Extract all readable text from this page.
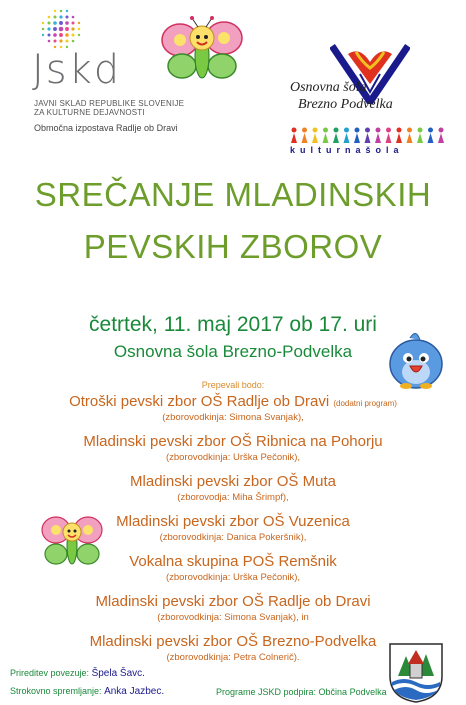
Jskd
JAVNI SKLAD REPUBLIKE SLOVENIJE
ZA KULTURNE DEJAVNOSTI
Območna izpostava Radlje ob Dravi
Osnovna šola
Brezno Podvelka
kulturnašola
SREČANJE MLADINSKIH
PEVSKIH ZBOROV
četrtek, 11. maj 2017 ob 17. uri
Osnovna šola Brezno-Podvelka
Prepevali bodo:
Otroški pevski zbor OŠ Radlje ob Dravi (dodatni program)
(zborovodkinja: Simona Svanjak),
Mladinski pevski zbor OŠ Ribnica na Pohorju
(zborovodkinja: Urška Pečonik),
Mladinski pevski zbor OŠ Muta
(zborovodja: Miha Šrimpf),
Mladinski pevski zbor OŠ Vuzenica
(zborovodkinja: Danica Pokeršnik),
Vokalna skupina POŠ Remšnik
(zborovodkinja: Urška Pečonik),
Mladinski pevski zbor OŠ Radlje ob Dravi
(zborovodkinja: Simona Svanjak), in
Mladinski pevski zbor OŠ Brezno-Podvelka
(zborovodkinja: Petra Colnerič).
Prireditev povezuje: Špela Šavc.
Strokovno spremljanje: Anka Jazbec.	Programe JSKD podpira: Občina Podvelka
